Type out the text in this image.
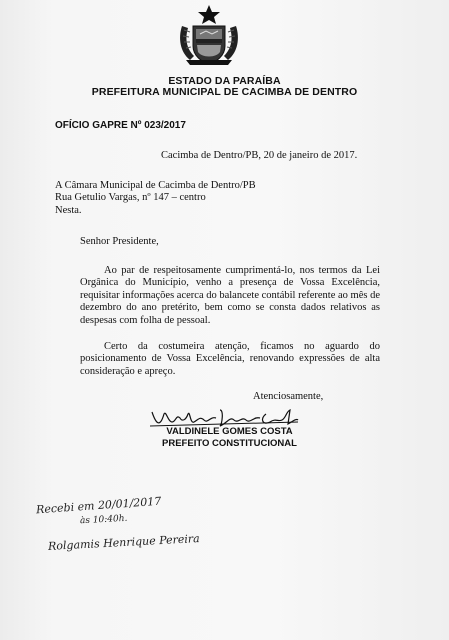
ESTADO DA PARAÍBA
PREFEITURA MUNICIPAL DE CACIMBA DE DENTRO
OFÍCIO GAPRE Nº 023/2017
Cacimba de Dentro/PB, 20 de janeiro de 2017.
A Câmara Municipal de Cacimba de Dentro/PB
Rua Getulio Vargas, nº 147 – centro
Nesta.
Senhor Presidente,
Ao par de respeitosamente cumprimentá-lo, nos termos da Lei Orgânica do Município, venho a presença de Vossa Excelência, requisitar informações acerca do balancete contábil referente ao mês de dezembro do ano pretérito, bem como se consta dados relativos as despesas com folha de pessoal.
Certo da costumeira atenção, ficamos no aguardo do posicionamento de Vossa Excelência, renovando expressões de alta consideração e apreço.
Atenciosamente,
VALDINELE GOMES COSTA
PREFEITO CONSTITUCIONAL
Recebi em 20/01/2017
às 10:40h.
Rolgamis Henrique Pereira
